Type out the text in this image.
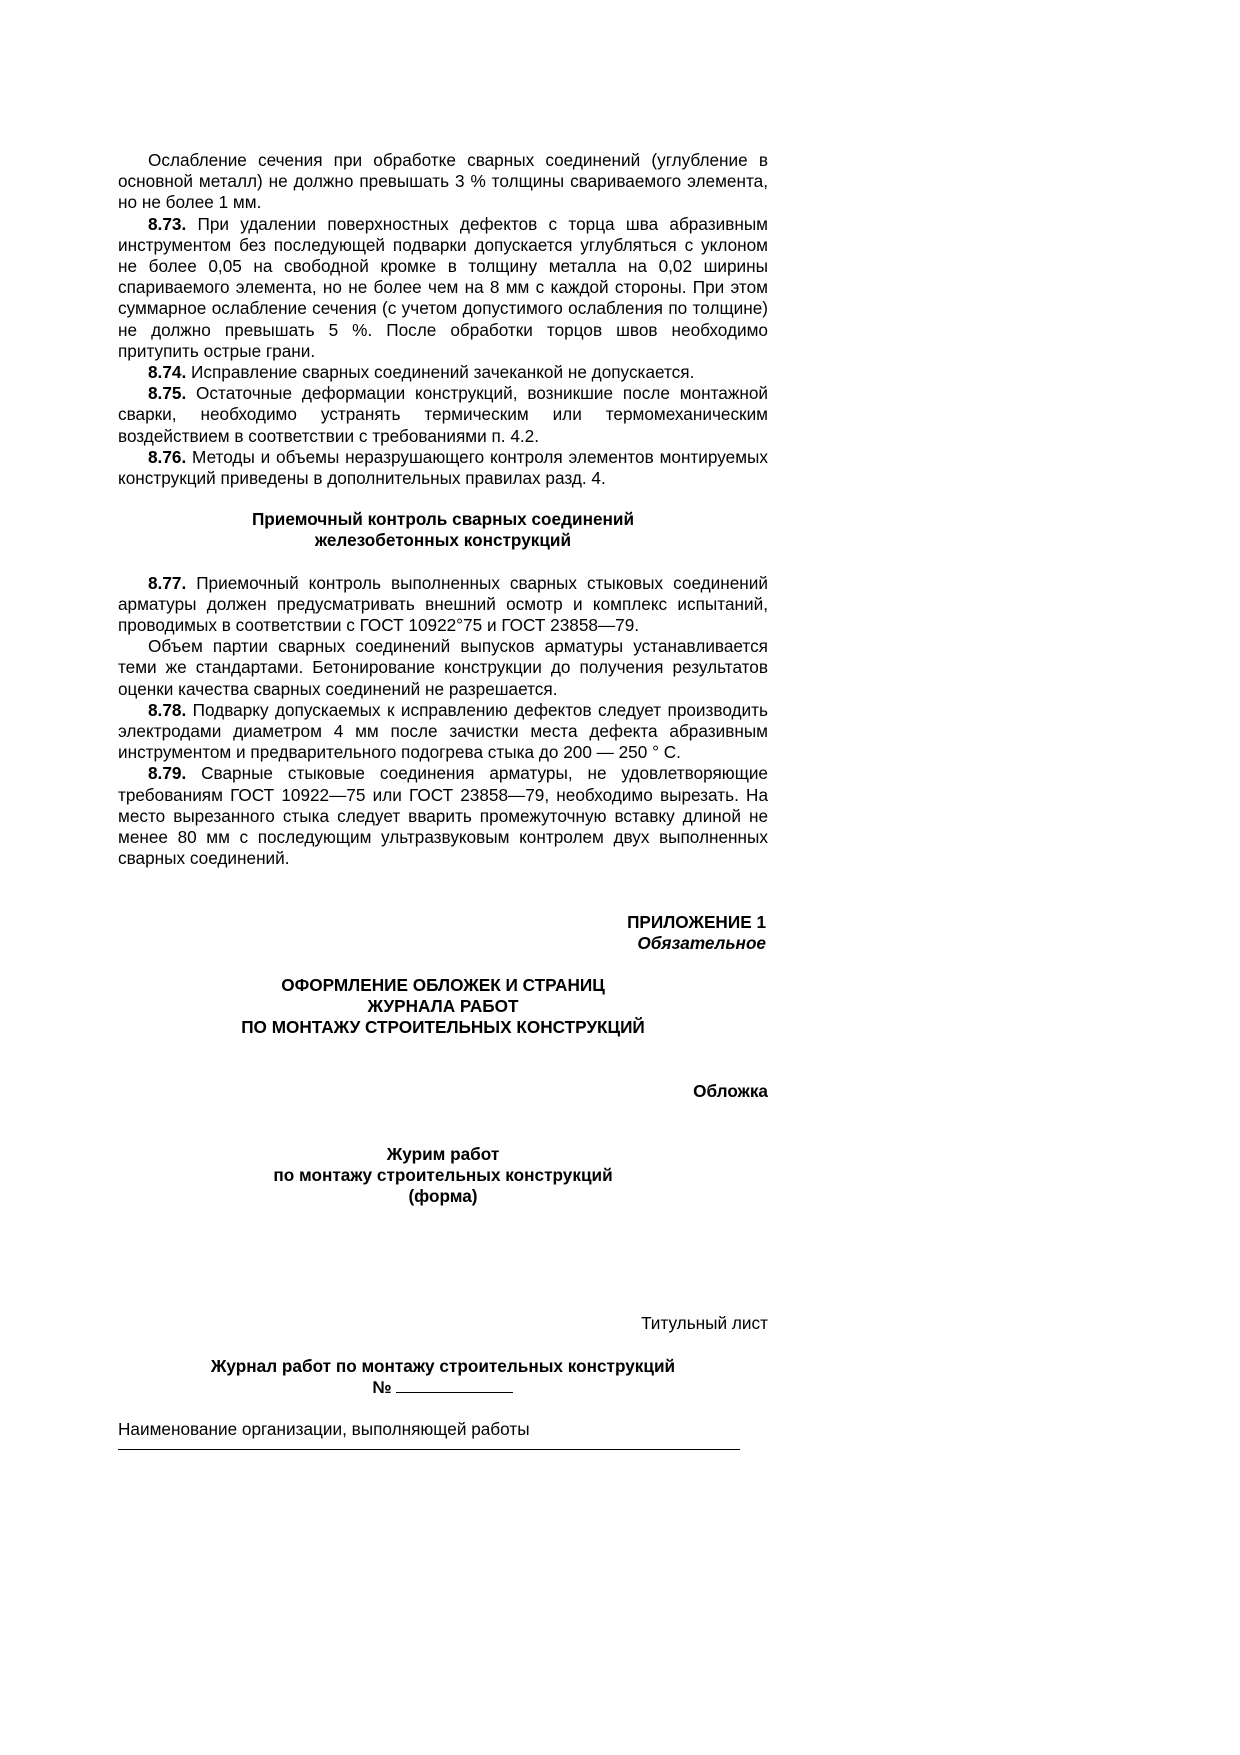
Ослабление сечения при обработке сварных соединений (углубление в основной металл) не должно превышать 3 % толщины свариваемого элемента, но не более 1 мм.

8.73. При удалении поверхностных дефектов с торца шва абразивным инструментом без последующей подварки допускается углубляться с уклоном не более 0,05 на свободной кромке в толщину металла на 0,02 ширины спариваемого элемента, но не более чем на 8 мм с каждой стороны. При этом суммарное ослабление сечения (с учетом допустимого ослабления по толщине) не должно превышать 5 %. После обработки торцов швов необходимо притупить острые грани.

8.74. Исправление сварных соединений зачеканкой не допускается.

8.75. Остаточные деформации конструкций, возникшие после монтажной сварки, необходимо устранять термическим или термомеханическим воздействием в соответствии с требованиями п. 4.2.

8.76. Методы и объемы неразрушающего контроля элементов монтируемых конструкций приведены в дополнительных правилах разд. 4.

Приемочный контроль сварных соединений

железобетонных конструкций

8.77. Приемочный контроль выполненных сварных стыковых соединений арматуры должен предусматривать внешний осмотр и комплекс испытаний, проводимых в соответствии с ГОСТ 10922°75 и ГОСТ 23858—79.

Объем партии сварных соединений выпусков арматуры устанавливается теми же стандартами. Бетонирование конструкции до получения результатов оценки качества сварных соединений не разрешается.

8.78. Подварку допускаемых к исправлению дефектов следует производить электродами диаметром 4 мм после зачистки места дефекта абразивным инструментом и предварительного подогрева стыка до 200 — 250 ° С.

8.79. Сварные стыковые соединения арматуры, не удовлетворяющие требованиям ГОСТ 10922—75 или ГОСТ 23858—79, необходимо вырезать. На место вырезанного стыка следует вварить промежуточную вставку длиной не менее 80 мм с последующим ультразвуковым контролем двух выполненных сварных соединений.

ПРИЛОЖЕНИЕ 1

Обязательное

ОФОРМЛЕНИЕ ОБЛОЖЕК И СТРАНИЦ

ЖУРНАЛА РАБОТ

ПО МОНТАЖУ СТРОИТЕЛЬНЫХ КОНСТРУКЦИЙ

Обложка

Журим работ

по монтажу строительных конструкций

(форма)

Титульный лист

Журнал работ по монтажу строительных конструкций

№

Наименование организации, выполняющей работы
